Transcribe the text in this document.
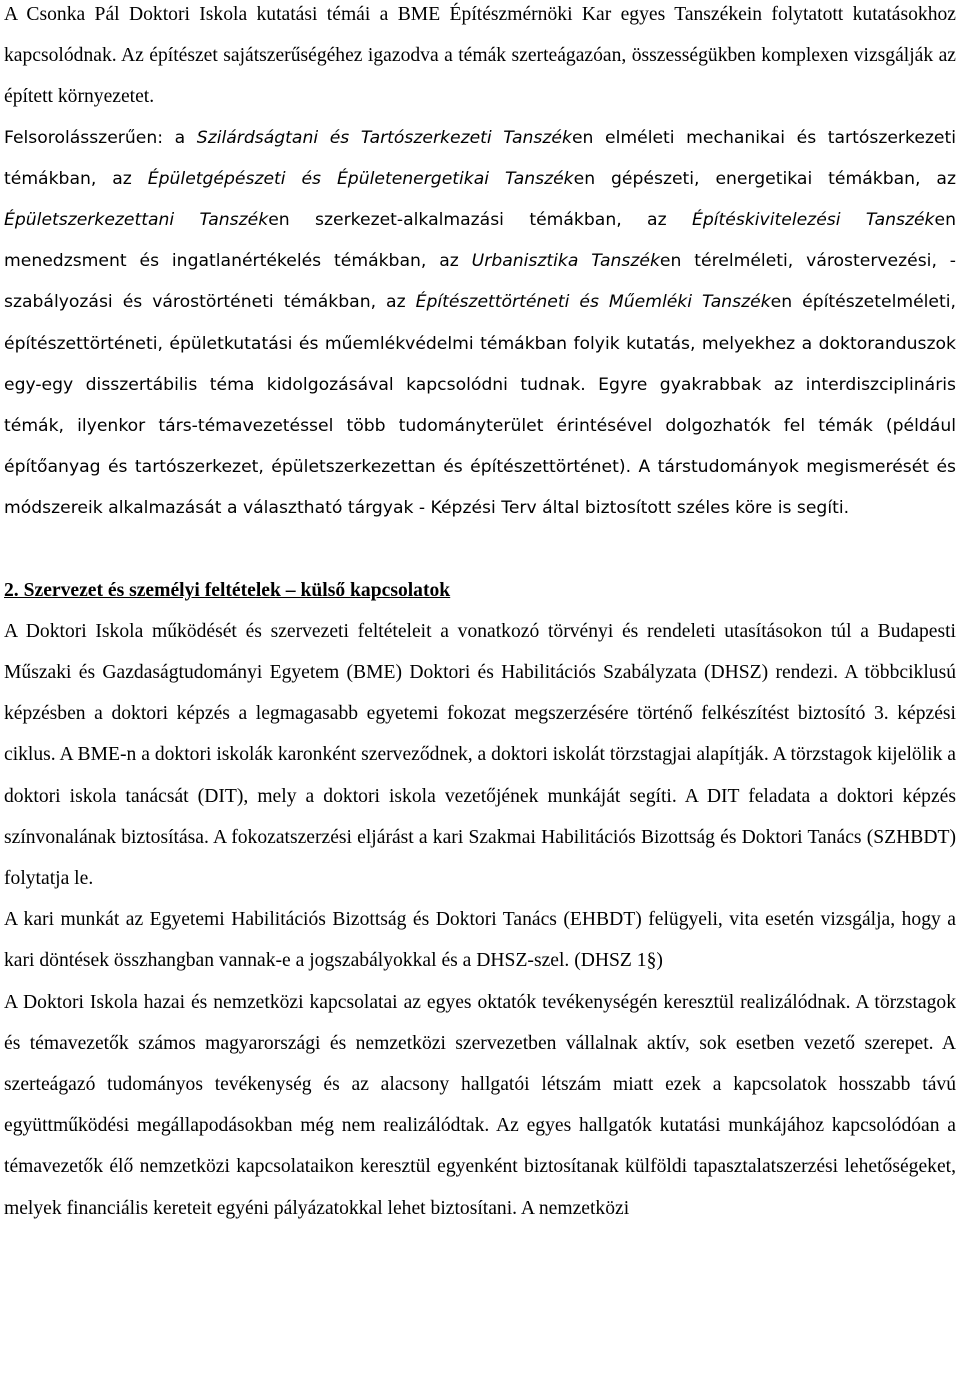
A Csonka Pál Doktori Iskola kutatási témái a BME Építészmérnöki Kar egyes Tanszékein folytatott kutatásokhoz kapcsolódnak. Az építészet sajátszerűségéhez igazodva a témák szerteágazóan, összességükben komplexen vizsgálják az épített környezetet.

Felsorolásszerűen: a Szilárdságtani és Tartószerkezeti Tanszéken elméleti mechanikai és tartószerkezeti témákban, az Épületgépészeti és Épületenergetikai Tanszéken gépészeti, energetikai témákban, az Épületszerkezettani Tanszéken szerkezet-alkalmazási témákban, az Építéskivitelezési Tanszéken menedzsment és ingatlanértékelés témákban, az Urbanisztika Tanszéken térelméleti, várostervezési, -szabályozási és várostörténeti témákban, az Építészettörténeti és Műemléki Tanszéken építészetelméleti, építészettörténeti, épületkutatási és műemlékvédelmi témákban folyik kutatás, melyekhez a doktoranduszok egy-egy disszertábilis téma kidolgozásával kapcsolódni tudnak. Egyre gyakrabbak az interdiszciplináris témák, ilyenkor társ-témavezetéssel több tudományterület érintésével dolgozhatók fel témák (például építőanyag és tartószerkezet, épületszerkezettan és építészettörténet). A társtudományok megismerését és módszereik alkalmazását a választható tárgyak - Képzési Terv által biztosított széles köre is segíti.

2. Szervezet és személyi feltételek – külső kapcsolatok

A Doktori Iskola működését és szervezeti feltételeit a vonatkozó törvényi és rendeleti utasításokon túl a Budapesti Műszaki és Gazdaságtudományi Egyetem (BME) Doktori és Habilitációs Szabályzata (DHSZ) rendezi. A többciklusú képzésben a doktori képzés a legmagasabb egyetemi fokozat megszerzésére történő felkészítést biztosító 3. képzési ciklus. A BME-n a doktori iskolák karonként szerveződnek, a doktori iskolát törzstagjai alapítják. A törzstagok kijelölik a doktori iskola tanácsát (DIT), mely a doktori iskola vezetőjének munkáját segíti. A DIT feladata a doktori képzés színvonalának biztosítása. A fokozatszerzési eljárást a kari Szakmai Habilitációs Bizottság és Doktori Tanács (SZHBDT) folytatja le.

A kari munkát az Egyetemi Habilitációs Bizottság és Doktori Tanács (EHBDT) felügyeli, vita esetén vizsgálja, hogy a kari döntések összhangban vannak-e a jogszabályokkal és a DHSZ-szel. (DHSZ 1§)

A Doktori Iskola hazai és nemzetközi kapcsolatai az egyes oktatók tevékenységén keresztül realizálódnak. A törzstagok és témavezetők számos magyarországi és nemzetközi szervezetben vállalnak aktív, sok esetben vezető szerepet. A szerteágazó tudományos tevékenység és az alacsony hallgatói létszám miatt ezek a kapcsolatok hosszabb távú együttműködési megállapodásokban még nem realizálódtak. Az egyes hallgatók kutatási munkájához kapcsolódóan a témavezetők élő nemzetközi kapcsolataikon keresztül egyenként biztosítanak külföldi tapasztalatszerzési lehetőségeket, melyek financiális kereteit egyéni pályázatokkal lehet biztosítani. A nemzetközi
